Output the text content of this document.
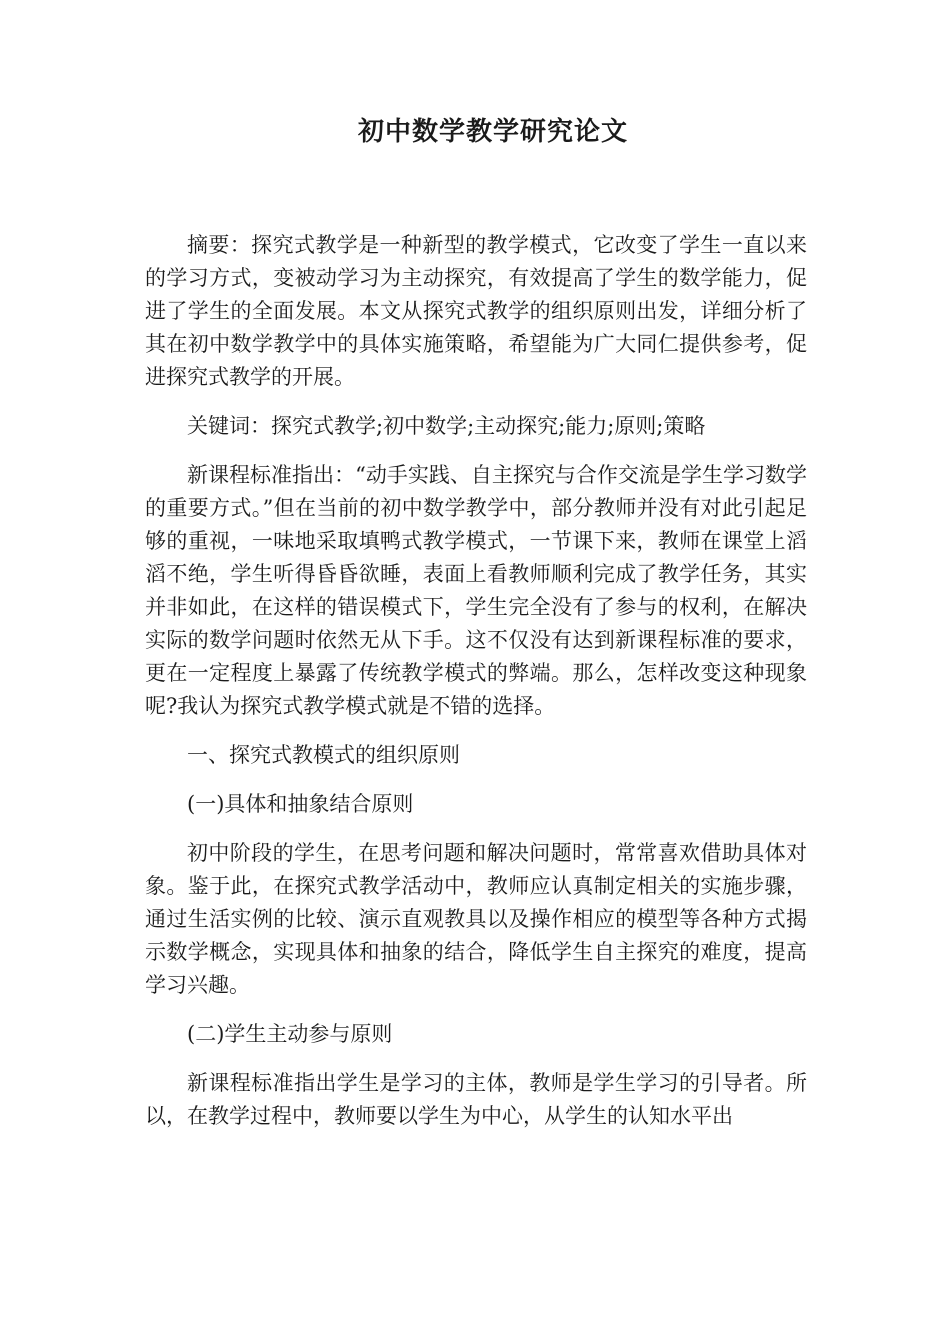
初中数学教学研究论文

摘要：探究式教学是一种新型的教学模式，它改变了学生一直以来的学习方式，变被动学习为主动探究，有效提高了学生的数学能力，促进了学生的全面发展。本文从探究式教学的组织原则出发，详细分析了其在初中数学教学中的具体实施策略，希望能为广大同仁提供参考，促进探究式教学的开展。

关键词：探究式教学;初中数学;主动探究;能力;原则;策略

新课程标准指出：“动手实践、自主探究与合作交流是学生学习数学的重要方式。”但在当前的初中数学教学中，部分教师并没有对此引起足够的重视，一味地采取填鸭式教学模式，一节课下来，教师在课堂上滔滔不绝，学生听得昏昏欲睡，表面上看教师顺利完成了教学任务，其实并非如此，在这样的错误模式下，学生完全没有了参与的权利，在解决实际的数学问题时依然无从下手。这不仅没有达到新课程标准的要求，更在一定程度上暴露了传统教学模式的弊端。那么，怎样改变这种现象呢?我认为探究式教学模式就是不错的选择。

一、探究式教模式的组织原则

(一)具体和抽象结合原则

初中阶段的学生，在思考问题和解决问题时，常常喜欢借助具体对象。鉴于此，在探究式教学活动中，教师应认真制定相关的实施步骤，通过生活实例的比较、演示直观教具以及操作相应的模型等各种方式揭示数学概念，实现具体和抽象的结合，降低学生自主探究的难度，提高学习兴趣。

(二)学生主动参与原则

新课程标准指出学生是学习的主体，教师是学生学习的引导者。所以，在教学过程中，教师要以学生为中心，从学生的认知水平出
